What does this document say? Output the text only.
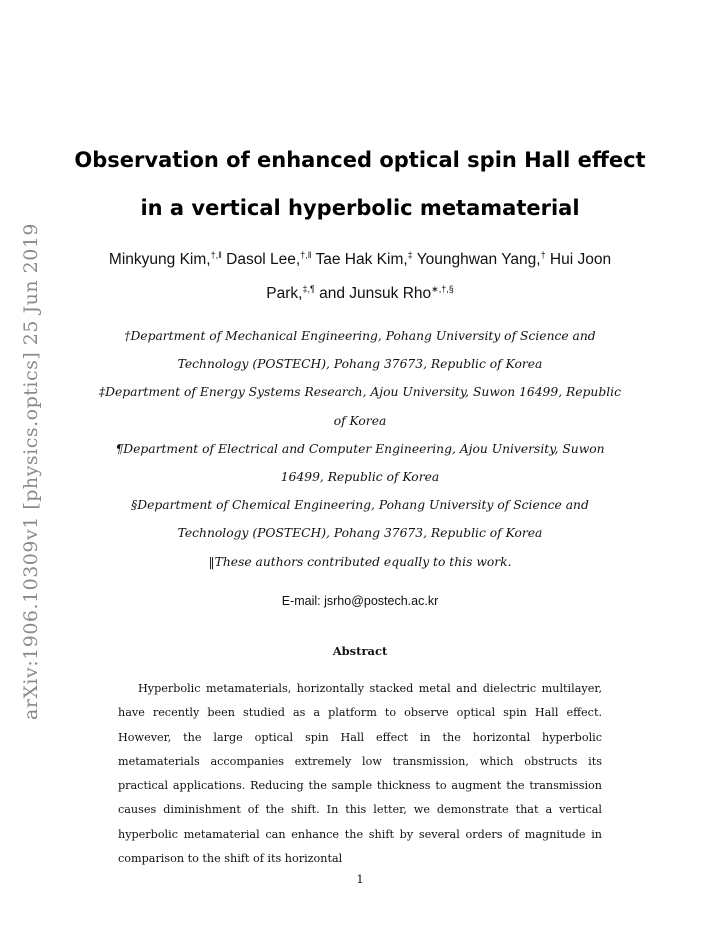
arXiv:1906.10309v1 [physics.optics] 25 Jun 2019
Observation of enhanced optical spin Hall effect in a vertical hyperbolic metamaterial
Minkyung Kim,†,‖ Dasol Lee,†,‖ Tae Hak Kim,‡ Younghwan Yang,† Hui Joon Park,‡,¶ and Junsuk Rho∗,†,§
†Department of Mechanical Engineering, Pohang University of Science and Technology (POSTECH), Pohang 37673, Republic of Korea
‡Department of Energy Systems Research, Ajou University, Suwon 16499, Republic of Korea
¶Department of Electrical and Computer Engineering, Ajou University, Suwon 16499, Republic of Korea
§Department of Chemical Engineering, Pohang University of Science and Technology (POSTECH), Pohang 37673, Republic of Korea
‖These authors contributed equally to this work.
E-mail: jsrho@postech.ac.kr
Abstract
Hyperbolic metamaterials, horizontally stacked metal and dielectric multilayer, have recently been studied as a platform to observe optical spin Hall effect. However, the large optical spin Hall effect in the horizontal hyperbolic metamaterials accompanies extremely low transmission, which obstructs its practical applications. Reducing the sample thickness to augment the transmission causes diminishment of the shift. In this letter, we demonstrate that a vertical hyperbolic metamaterial can enhance the shift by several orders of magnitude in comparison to the shift of its horizontal
1
